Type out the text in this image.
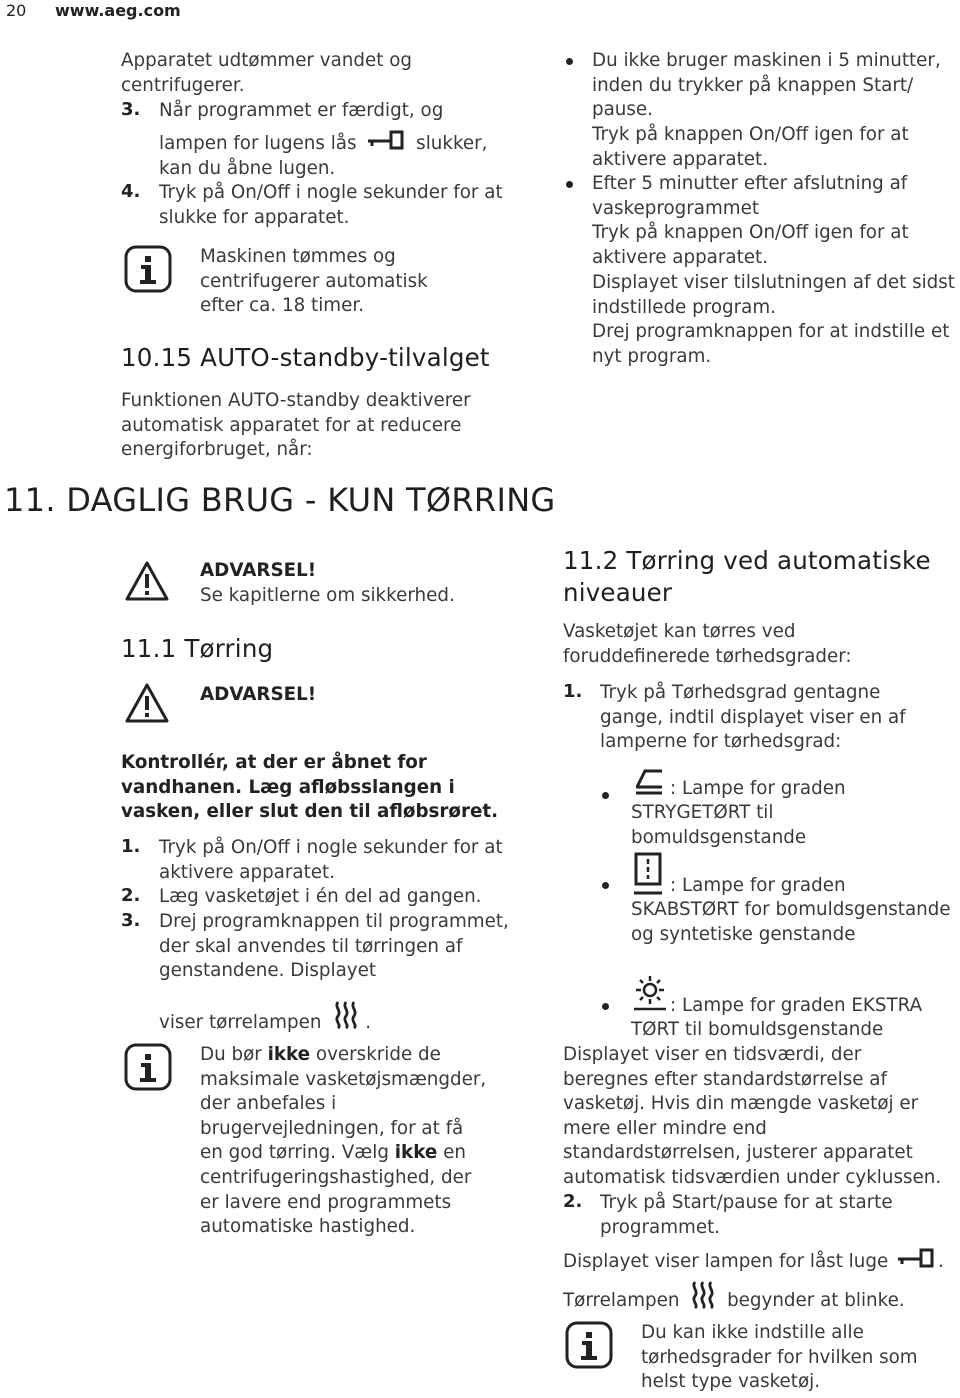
20 www.aeg.com
Apparatet udtømmer vandet og centrifugerer.
3. Når programmet er færdigt, og
lampen for lugens lås	slukker,
kan du åbne lugen.
4. Tryk på On/Off i nogle sekunder for at slukke for apparatet.
Maskinen tømmes og centrifugerer automatisk efter ca. 18 timer.
10.15 AUTO-standby-tilvalget
Funktionen AUTO-standby deaktiverer automatisk apparatet for at reducere energiforbruget, når:
Du ikke bruger maskinen i 5 minutter, inden du trykker på knappen Start/ pause.
Tryk på knappen On/Off igen for at aktivere apparatet.
Efter 5 minutter efter afslutning af vaskeprogrammet
Tryk på knappen On/Off igen for at aktivere apparatet.
Displayet viser tilslutningen af det sidst indstillede program.
Drej programknappen for at indstille et nyt program.
11. DAGLIG BRUG - KUN TØRRING
ADVARSEL!
Se kapitlerne om sikkerhed.
11.1 Tørring
ADVARSEL!
Kontrollér, at der er åbnet for vandhanen. Læg afløbsslangen i vasken, eller slut den til afløbsrøret.
1. Tryk på On/Off i nogle sekunder for at aktivere apparatet.
2. Læg vasketøjet i én del ad gangen.
3. Drej programknappen til programmet, der skal anvendes til tørringen af genstandene. Displayet
viser tørrelampen .
Du bør ikke overskride de maksimale vasketøjsmængder, der anbefales i brugervejledningen, for at få en god tørring. Vælg ikke en centrifugeringshastighed, der er lavere end programmets automatiske hastighed.
11.2 Tørring ved automatiske niveauer
Vasketøjet kan tørres ved foruddefinerede tørhedsgrader:
1. Tryk på Tørhedsgrad gentagne gange, indtil displayet viser en af lamperne for tørhedsgrad:
: Lampe for graden
STRYGETØRT til bomuldsgenstande
: Lampe for graden
SKABSTØRT for bomuldsgenstande og syntetiske genstande
: Lampe for graden EKSTRA
TØRT til bomuldsgenstande
Displayet viser en tidsværdi, der beregnes efter standardstørrelse af vasketøj. Hvis din mængde vasketøj er mere eller mindre end standardstørrelsen, justerer apparatet automatisk tidsværdien under cyklussen.
2. Tryk på Start/pause for at starte programmet.
Displayet viser lampen for låst luge	.
Tørrelampen	begynder at blinke.
Du kan ikke indstille alle tørhedsgrader for hvilken som helst type vasketøj.
